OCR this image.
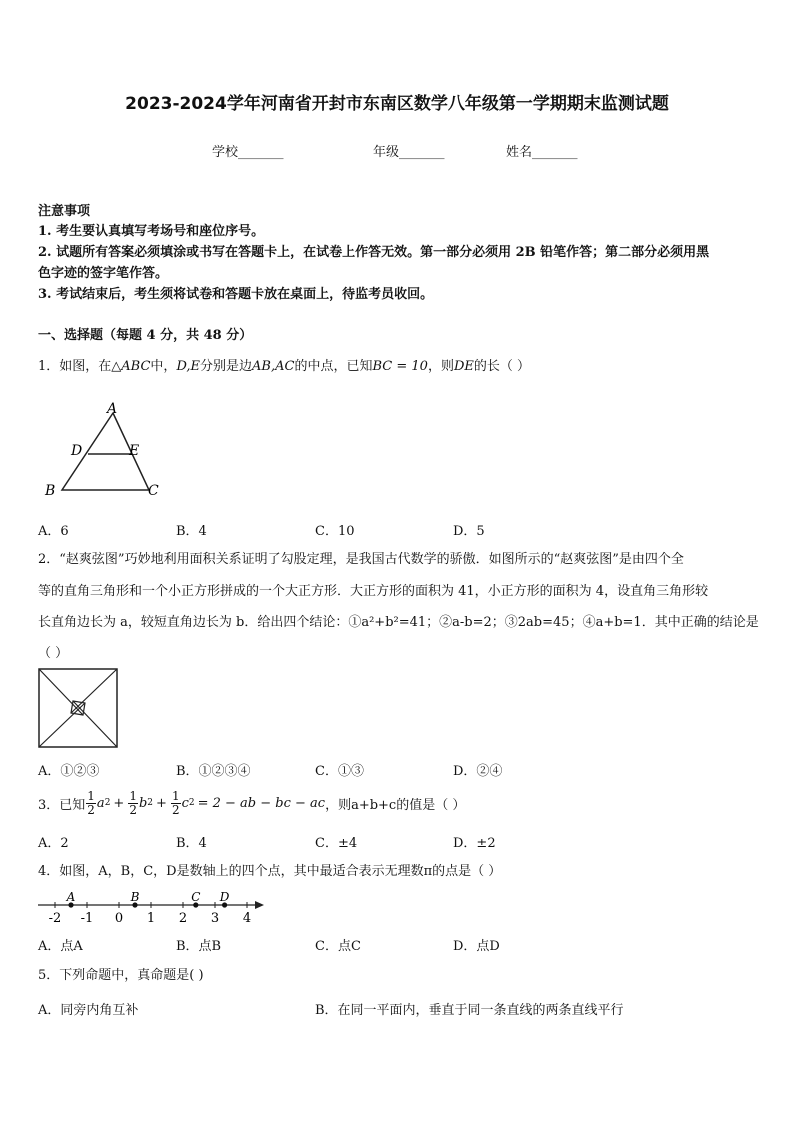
2023-2024学年河南省开封市东南区数学八年级第一学期期末监测试题
学校_______	年级_______	姓名_______
注意事项
1. 考生要认真填写考场号和座位序号。
2. 试题所有答案必须填涂或书写在答题卡上，在试卷上作答无效。第一部分必须用 2B 铅笔作答；第二部分必须用黑
色字迹的签字笔作答。
3. 考试结束后，考生须将试卷和答题卡放在桌面上，待监考员收回。
一、选择题（每题 4 分，共 48 分）
1．如图，在△ABC中，D,E分别是边AB,AC的中点，已知BC = 10，则DE的长（ ）
A
D	E
B	C
A．6	B．4	C．10	D．5
2．“赵爽弦图”巧妙地利用面积关系证明了勾股定理，是我国古代数学的骄傲．如图所示的“赵爽弦图”是由四个全
等的直角三角形和一个小正方形拼成的一个大正方形．大正方形的面积为 41，小正方形的面积为 4，设直角三角形较
长直角边长为 a，较短直角边长为 b．给出四个结论：①a²+b²=41；②a-b=2；③2ab=45；④a+b=1．其中正确的结论是
（ ）
A．①②③	B．①②③④	C．①③	D．②④
3．已知 $\frac{1}{2}$ a $2 + \frac{1}{2}$ b $2 + \frac{1}{2}$ c 2 = 2 − ab − bc − ac ，则a+b+c的值是（ ）
A．2	B．4	C．±4	D．±2
4．如图，A，B，C，D是数轴上的四个点，其中最适合表示无理数π的点是（ ）
-2 -1 0 1 2 3 4
A	B	C D
A．点A	B．点B	C．点C	D．点D
5．下列命题中，真命题是( )
A．同旁内角互补	B．在同一平面内，垂直于同一条直线的两条直线平行
